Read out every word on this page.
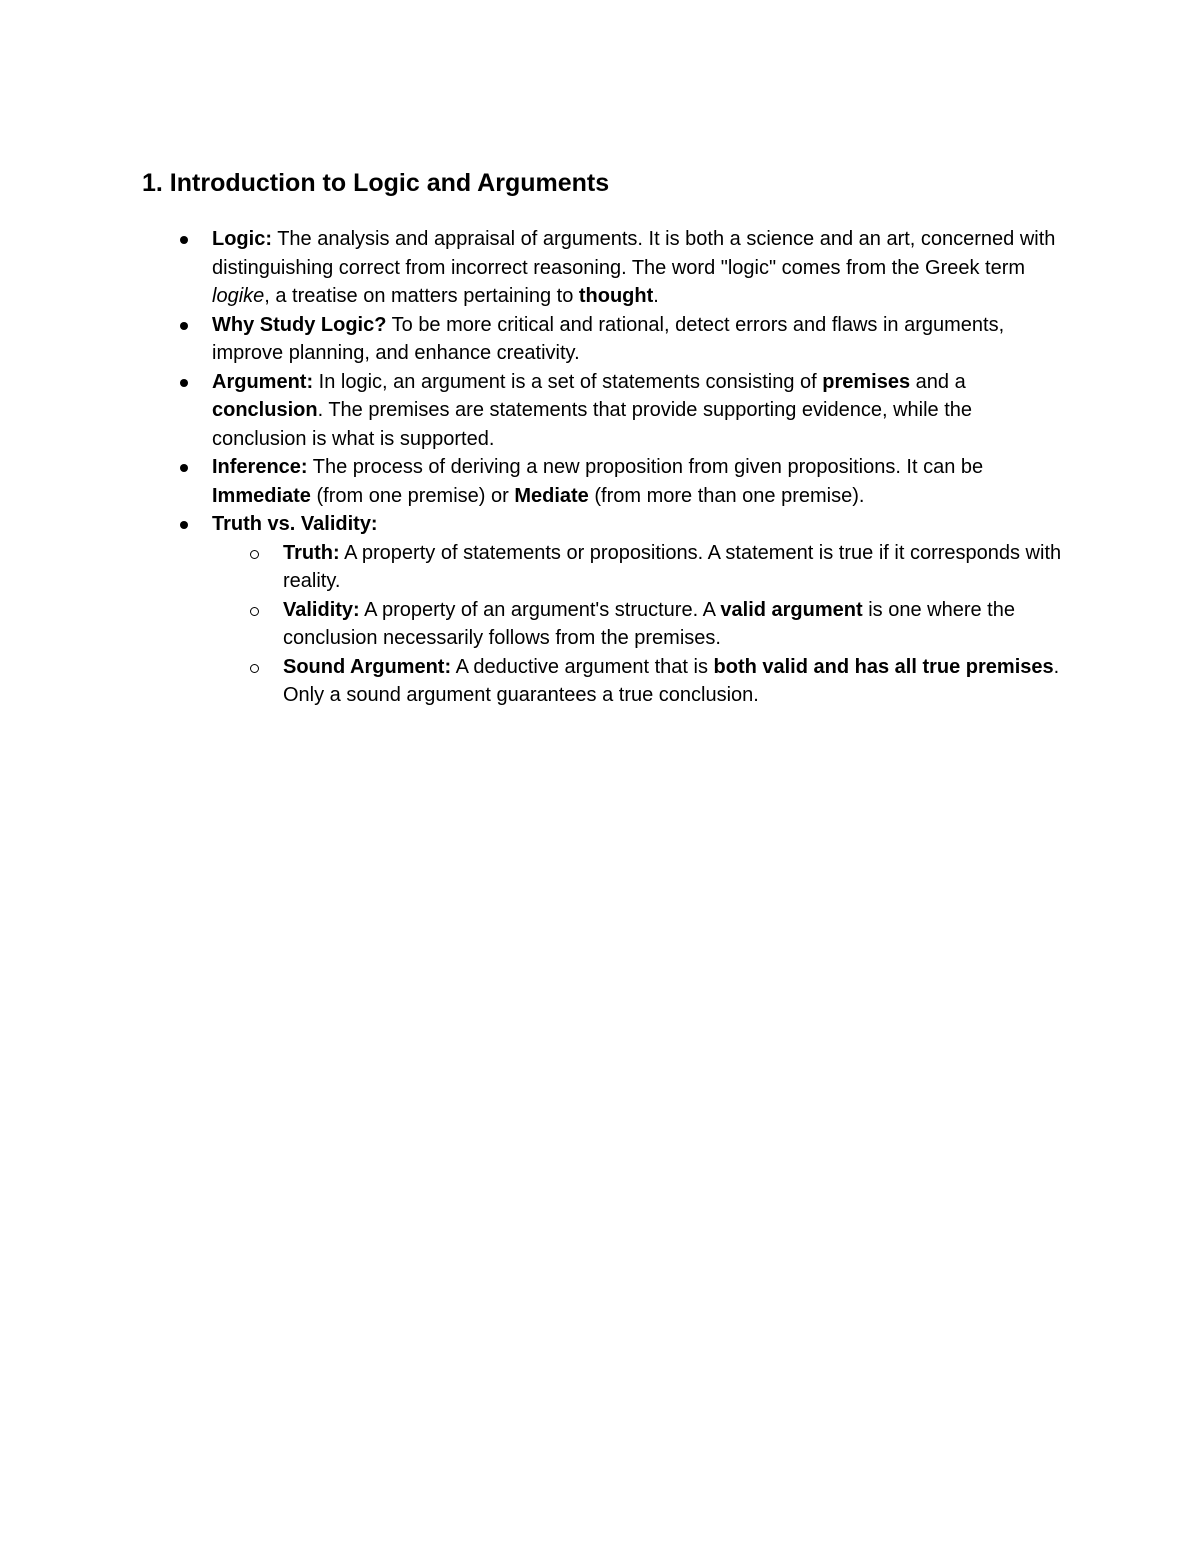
1. Introduction to Logic and Arguments
Logic: The analysis and appraisal of arguments. It is both a science and an art, concerned with distinguishing correct from incorrect reasoning. The word "logic" comes from the Greek term logike, a treatise on matters pertaining to thought.
Why Study Logic? To be more critical and rational, detect errors and flaws in arguments, improve planning, and enhance creativity.
Argument: In logic, an argument is a set of statements consisting of premises and a conclusion. The premises are statements that provide supporting evidence, while the conclusion is what is supported.
Inference: The process of deriving a new proposition from given propositions. It can be Immediate (from one premise) or Mediate (from more than one premise).
Truth vs. Validity:
Truth: A property of statements or propositions. A statement is true if it corresponds with reality.
Validity: A property of an argument's structure. A valid argument is one where the conclusion necessarily follows from the premises.
Sound Argument: A deductive argument that is both valid and has all true premises. Only a sound argument guarantees a true conclusion.
